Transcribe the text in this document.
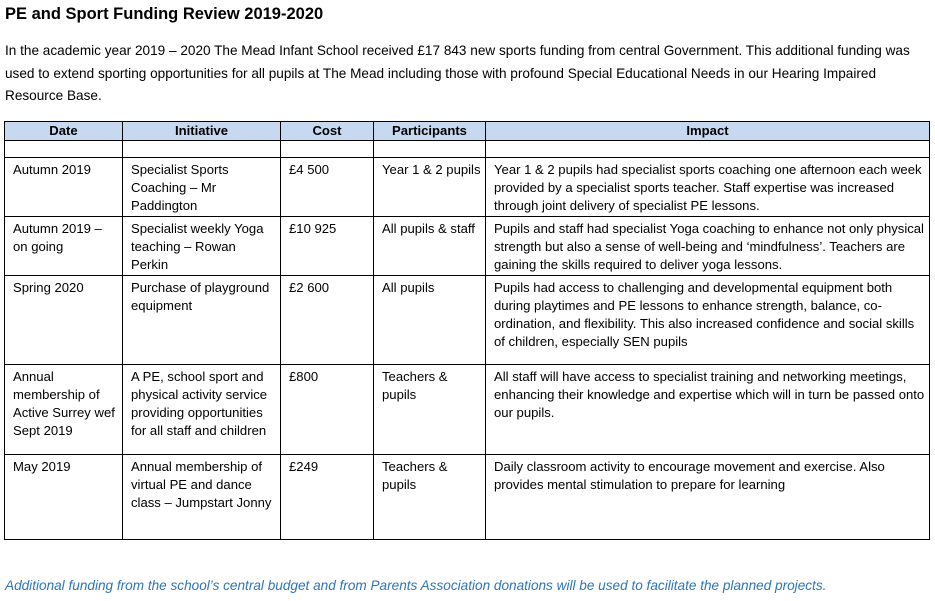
PE and Sport Funding Review 2019-2020
In the academic year 2019 – 2020 The Mead Infant School received £17 843 new sports funding from central Government. This additional funding was used to extend sporting opportunities for all pupils at The Mead including those with profound Special Educational Needs in our Hearing Impaired Resource Base.
Date	Initiative	Cost	Participants	Impact

Autumn 2019	Specialist Sports Coaching – Mr Paddington	£4 500	Year 1 & 2 pupils	Year 1 & 2 pupils had specialist sports coaching one afternoon each week provided by a specialist sports teacher. Staff expertise was increased through joint delivery of specialist PE lessons.
Autumn 2019 – on going	Specialist weekly Yoga teaching – Rowan Perkin	£10 925	All pupils & staff	Pupils and staff had specialist Yoga coaching to enhance not only physical strength but also a sense of well-being and ‘mindfulness’. Teachers are gaining the skills required to deliver yoga lessons.
Spring 2020	Purchase of playground equipment	£2 600	All pupils	Pupils had access to challenging and developmental equipment both during playtimes and PE lessons to enhance strength, balance, co-ordination, and flexibility. This also increased confidence and social skills of children, especially SEN pupils
Annual membership of Active Surrey wef Sept 2019	A PE, school sport and physical activity service providing opportunities for all staff and children	£800	Teachers & pupils	All staff will have access to specialist training and networking meetings, enhancing their knowledge and expertise which will in turn be passed onto our pupils.
May 2019	Annual membership of virtual PE and dance class – Jumpstart Jonny	£249	Teachers & pupils	Daily classroom activity to encourage movement and exercise. Also provides mental stimulation to prepare for learning
Additional funding from the school’s central budget and from Parents Association donations will be used to facilitate the planned projects.
